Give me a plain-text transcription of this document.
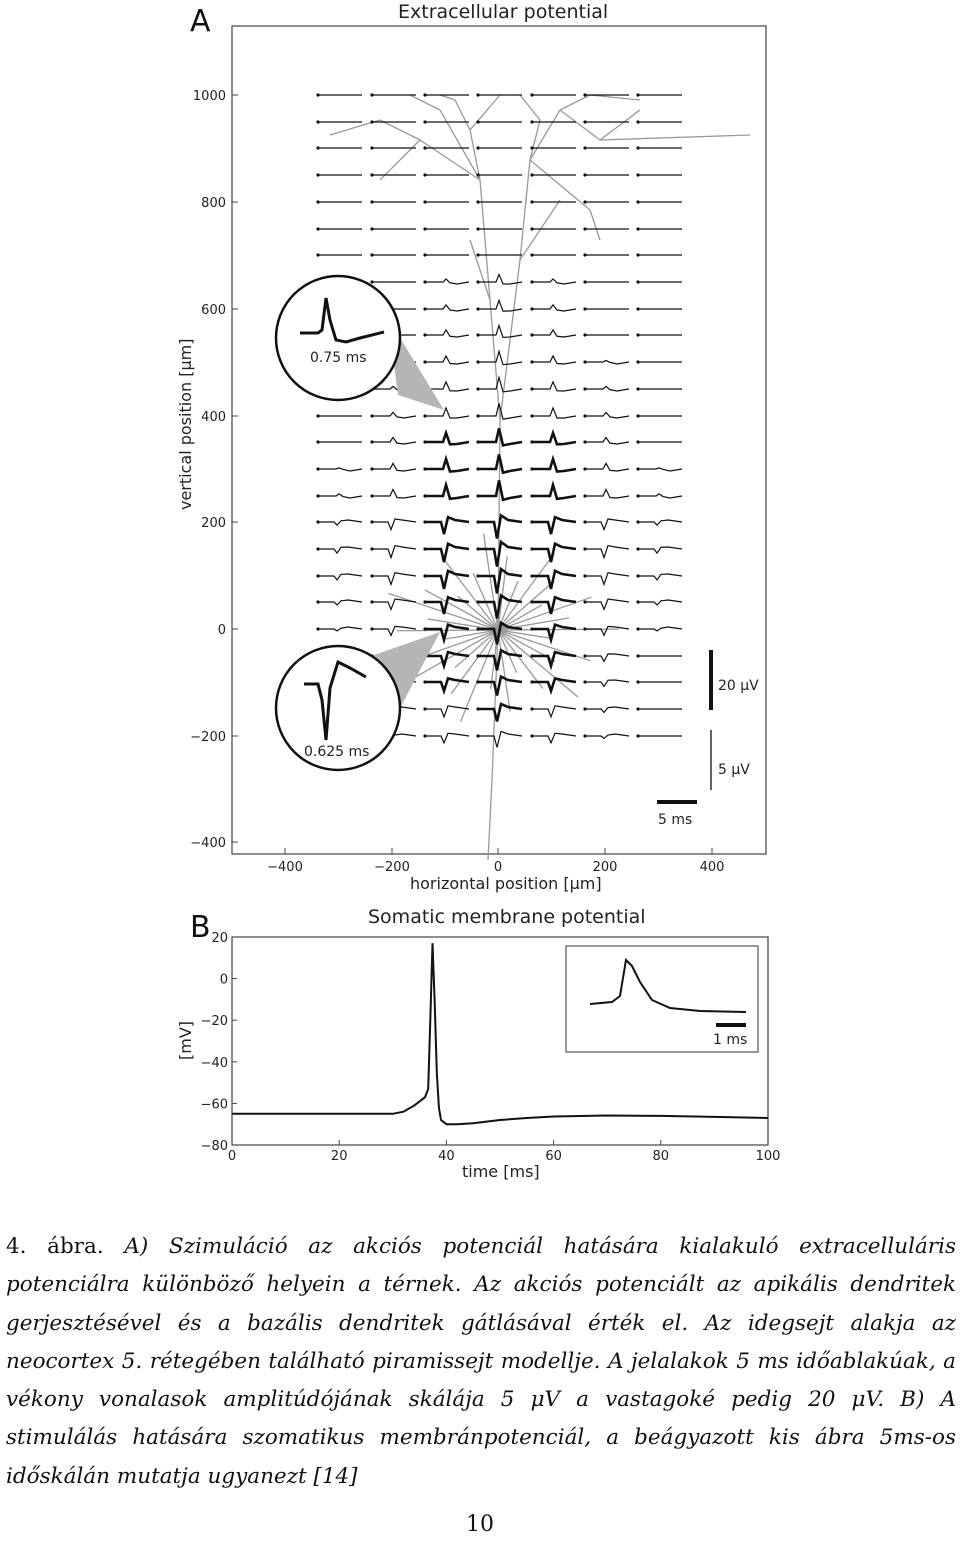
A	Extracellular potential
1000
800
600
400
200
0
−200
−400
−400	−200	0	200	400
0.75 ms
0.625 ms
20 μV
5 μV
5 ms
vertical position [μm]
horizontal position [μm]
B	Somatic membrane potential
20
0
−20
−40
−60
−80
0	20	40	60	80	100
1 ms
[mV]
time [ms]
4. ábra. A) Szimuláció az akciós potenciál hatására kialakuló extracelluláris potenciálra különböző helyein a térnek. Az akciós potenciált az apikális dendritek gerjesztésével és a bazális dendritek gátlásával érték el. Az idegsejt alakja az neocortex 5. rétegében található piramissejt modellje. A jelalakok 5 ms időablakúak, a vékony vonalasok amplitúdójának skálája 5 μV a vastagoké pedig 20 μV. B) A stimulálás hatására szomatikus membránpotenciál, a beágyazott kis ábra 5ms-os időskálán mutatja ugyanezt [14]
10
